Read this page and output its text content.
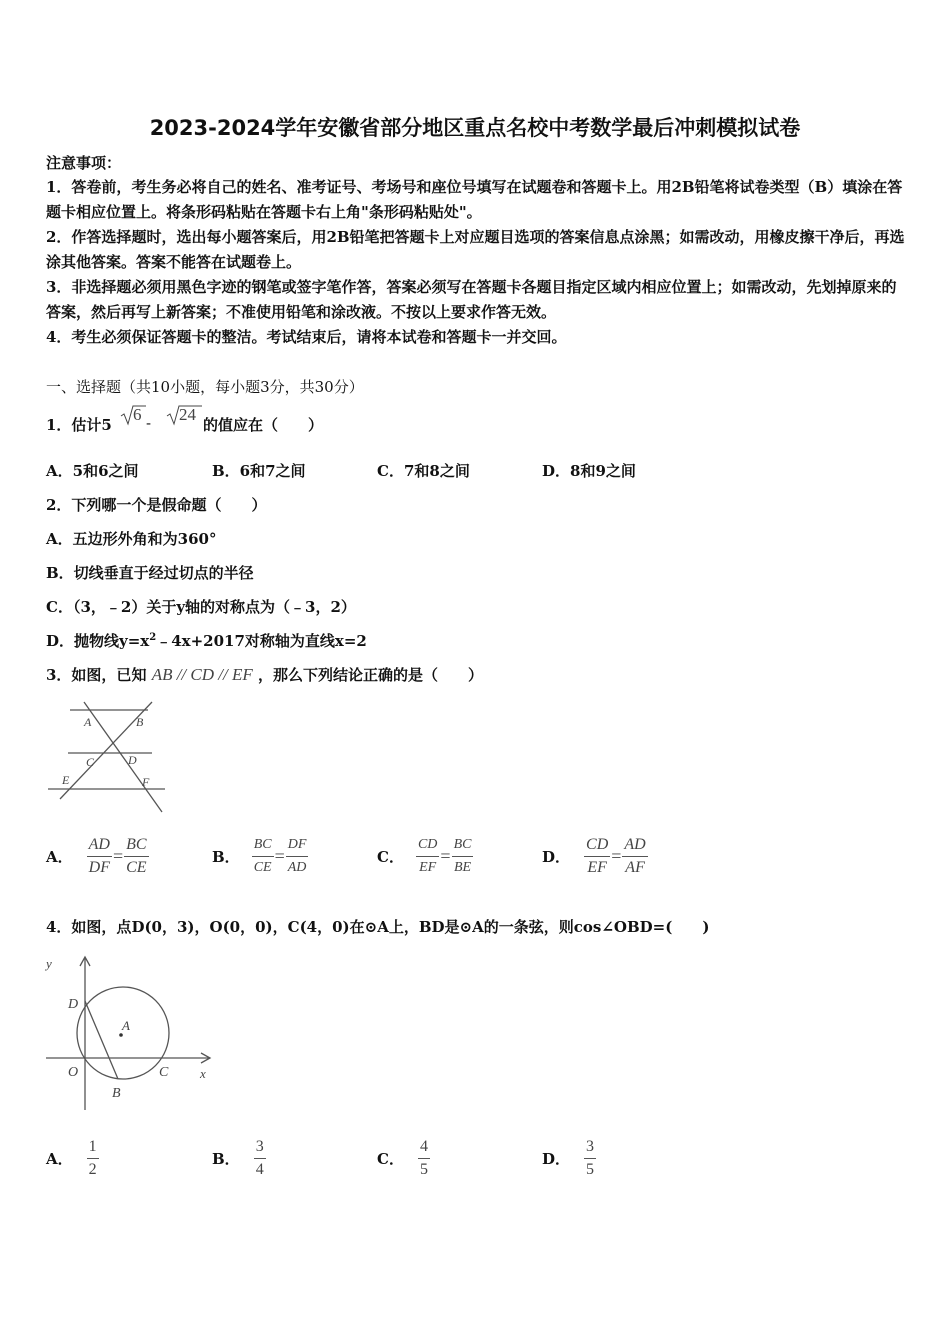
2023-2024学年安徽省部分地区重点名校中考数学最后冲刺模拟试卷
注意事项：
1．答卷前，考生务必将自己的姓名、准考证号、考场号和座位号填写在试题卷和答题卡上。用2B铅笔将试卷类型（B）填涂在答题卡相应位置上。将条形码粘贴在答题卡右上角"条形码粘贴处"。
2．作答选择题时，选出每小题答案后，用2B铅笔把答题卡上对应题目选项的答案信息点涂黑；如需改动，用橡皮擦干净后，再选涂其他答案。答案不能答在试题卷上。
3．非选择题必须用黑色字迹的钢笔或签字笔作答，答案必须写在答题卡各题目指定区域内相应位置上；如需改动，先划掉原来的答案，然后再写上新答案；不准使用铅笔和涂改液。不按以上要求作答无效。
4．考生必须保证答题卡的整洁。考试结束后，请将本试卷和答题卡一并交回。
一、选择题（共10小题，每小题3分，共30分）
1．估计5
6 - 24
的值应在（　　）
A．5和6之间	B．6和7之间	C．7和8之间	D．8和9之间
2．下列哪一个是假命题（　　）
A．五边形外角和为360°
B．切线垂直于经过切点的半径
C．（3，﹣2）关于y轴的对称点为（﹣3，2）
D．抛物线$y=x^2﹣4x+2017$对称轴为直线x=2
3．如图，已知 AB // CD // EF ，那么下列结论正确的是（　　）
A	B
C	D
E	F
A． $\frac{AD}{DF} = \frac{BC}{CE}$	B． $\frac{BC}{CE} = \frac{DF}{AD}$	C． $\frac{CD}{EF} = \frac{BC}{BE}$	D． $\frac{CD}{EF} = \frac{AD}{AF}$
4．如图，点D(0，3)，O(0，0)，C(4，0)在⊙A上，BD是⊙A的一条弦，则cos∠OBD=(　　)
y
D
A
O
B
C x
A． $\frac{1}{2}$	B． $\frac{3}{4}$	C． $\frac{4}{5}$	D． $\frac{3}{5}$
